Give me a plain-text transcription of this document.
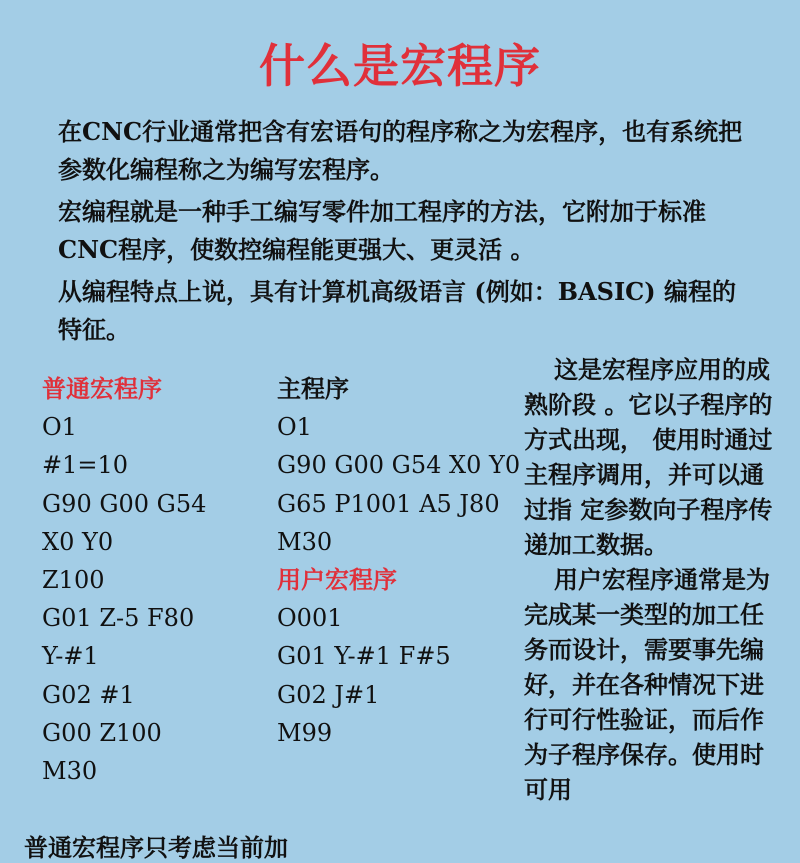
什么是宏程序

在CNC行业通常把含有宏语句的程序称之为宏程序，也有系统把参数化编程称之为编写宏程序。

宏编程就是一种手工编写零件加工程序的方法，它附加于标准CNC程序，使数控编程能更强大、更灵活 。

从编程特点上说，具有计算机高级语言 (例如：BASIC) 编程的特征。

普通宏程序
O1
#1=10
G90 G00 G54
X0 Y0
Z100
G01 Z-5 F80
Y-#1
G02 #1
G00 Z100
M30
主程序
O1
G90 G00 G54 X0 Y0
G65 P1001 A5 J80
M30
用户宏程序
O001
G01 Y-#1 F#5
G02 J#1
M99

这是宏程序应用的成熟阶段 。它以子程序的方式出现， 使用时通过主程序调用，并可以通过指 定参数向子程序传递加工数据。

用户宏程序通常是为完成某一类型的加工任务而设计，需要事先编好，并在各种情况下进行可行性验证，而后作为子程序保存。使用时可用

普通宏程序只考虑当前加
